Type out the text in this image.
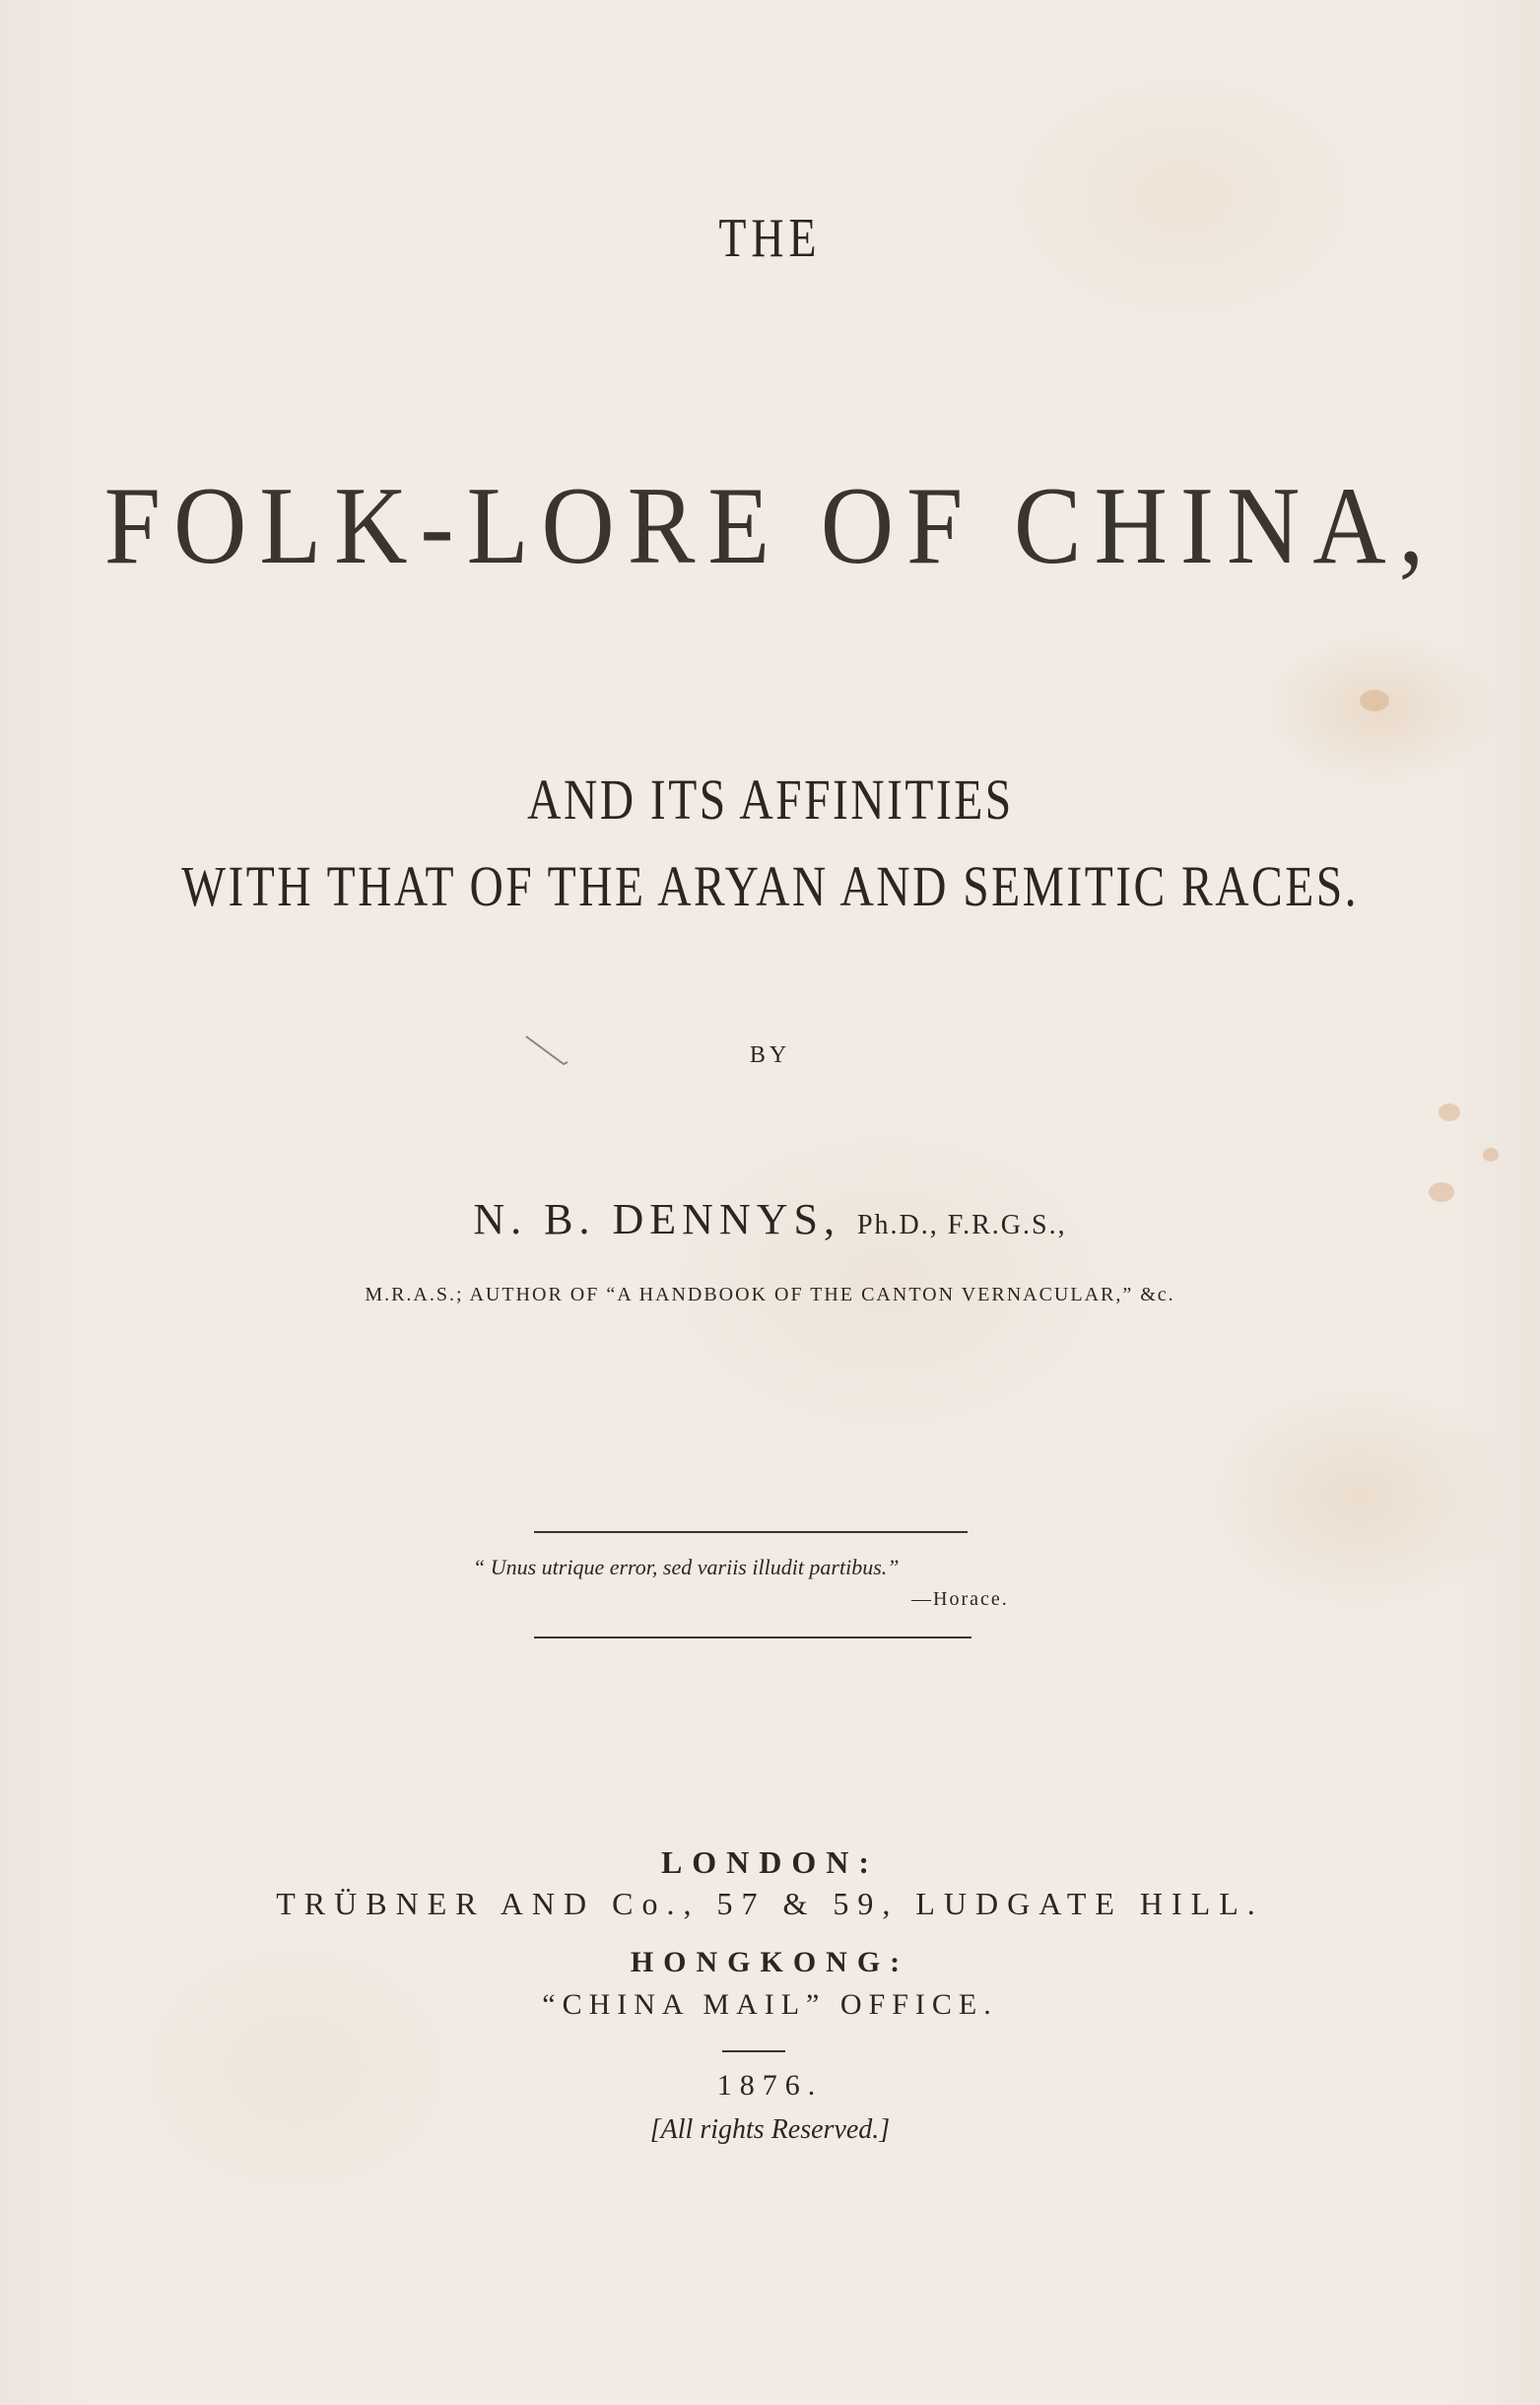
THE
FOLK-LORE OF CHINA,
AND ITS AFFINITIES
WITH THAT OF THE ARYAN AND SEMITIC RACES.
BY
N. B. DENNYS, Ph.D., F.R.G.S.,
M.R.A.S.; AUTHOR OF “A HANDBOOK OF THE CANTON VERNACULAR,” &c.
“ Unus utrique error, sed variis illudit partibus.”
—Horace.
LONDON:
TRÜBNER AND Co., 57 & 59, LUDGATE HILL.
HONGKONG:
“CHINA MAIL” OFFICE.
1876.
[All rights Reserved.]
